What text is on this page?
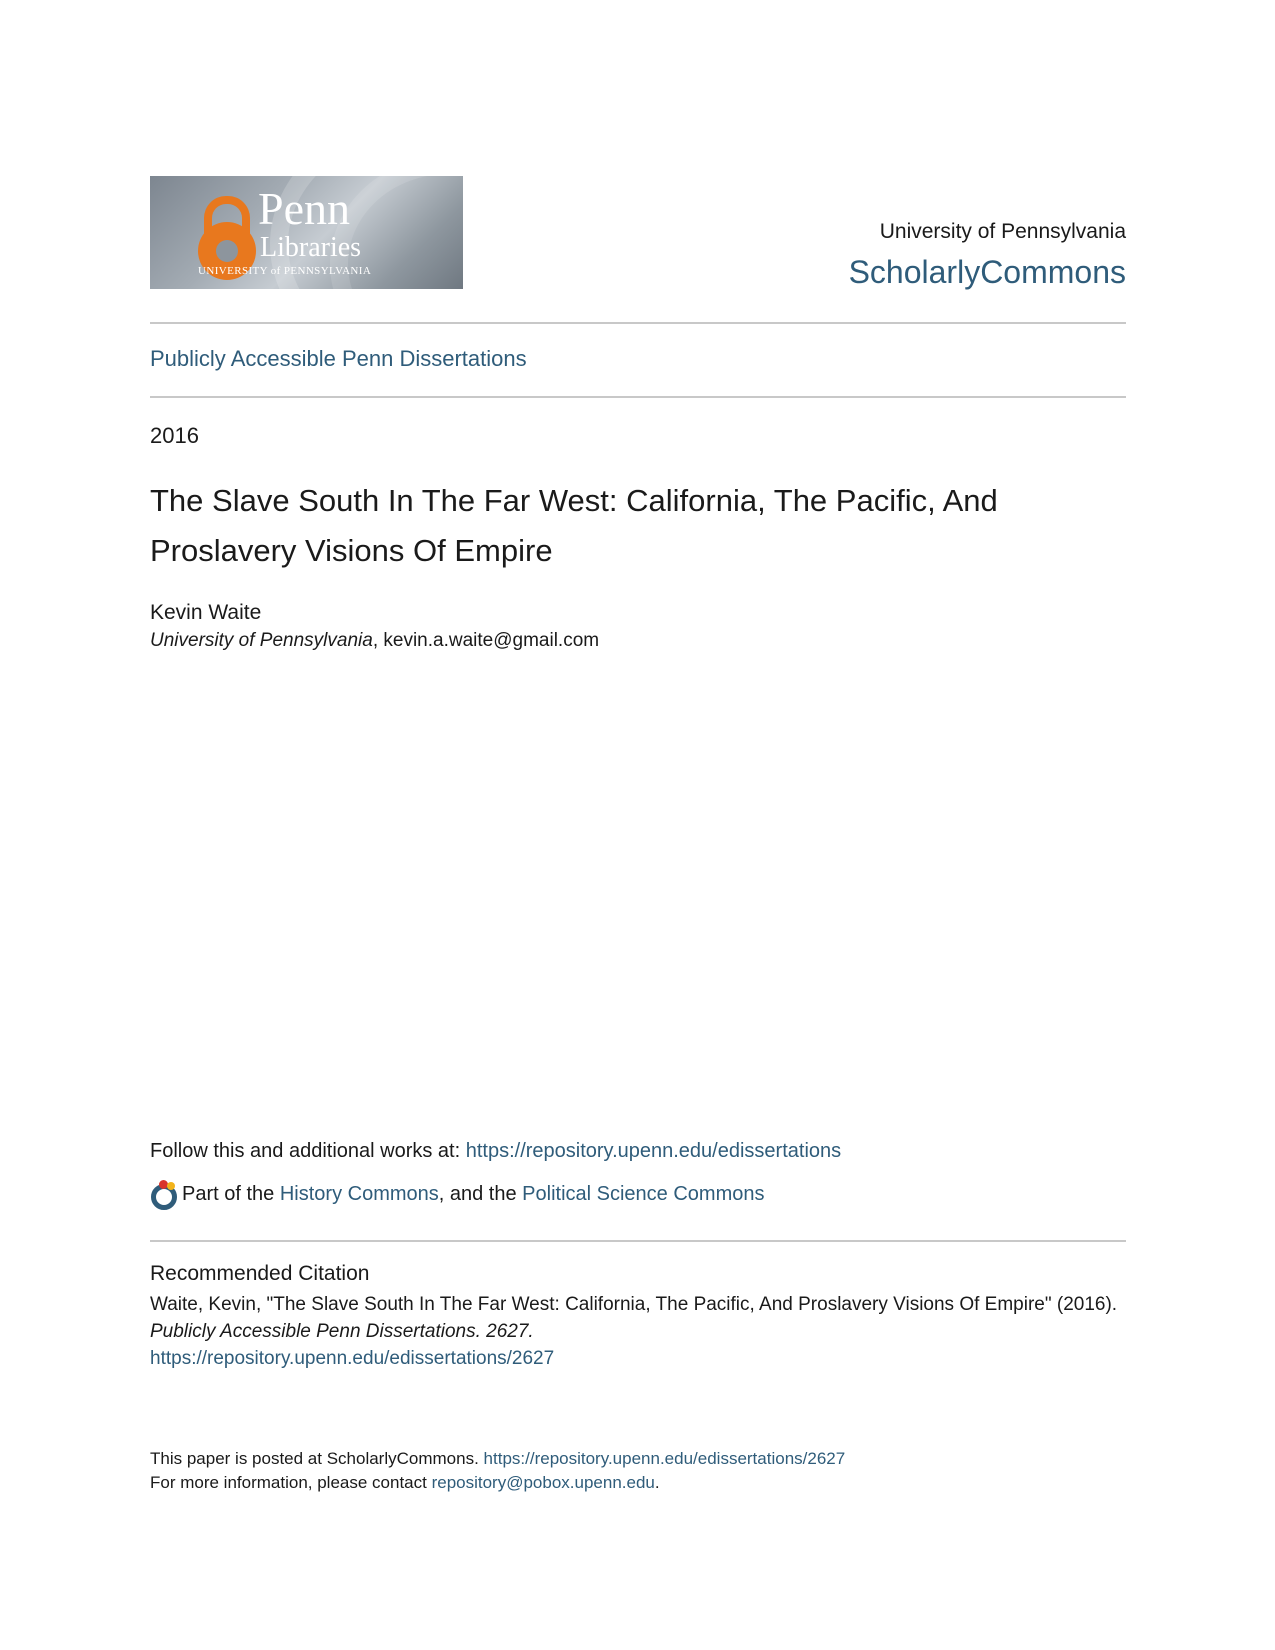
Penn
Libraries
UNIVERSITY of PENNSYLVANIA
University of Pennsylvania
ScholarlyCommons
Publicly Accessible Penn Dissertations
2016
The Slave South In The Far West: California, The Pacific, And Proslavery Visions Of Empire
Kevin Waite
University of Pennsylvania, kevin.a.waite@gmail.com
Follow this and additional works at: https://repository.upenn.edu/edissertations
Part of the
History Commons , and the Political Science Commons
Recommended Citation
Waite, Kevin, "The Slave South In The Far West: California, The Pacific, And Proslavery Visions Of Empire" (2016). Publicly Accessible Penn Dissertations. 2627.
https://repository.upenn.edu/edissertations/2627
This paper is posted at ScholarlyCommons. https://repository.upenn.edu/edissertations/2627
For more information, please contact repository@pobox.upenn.edu.
